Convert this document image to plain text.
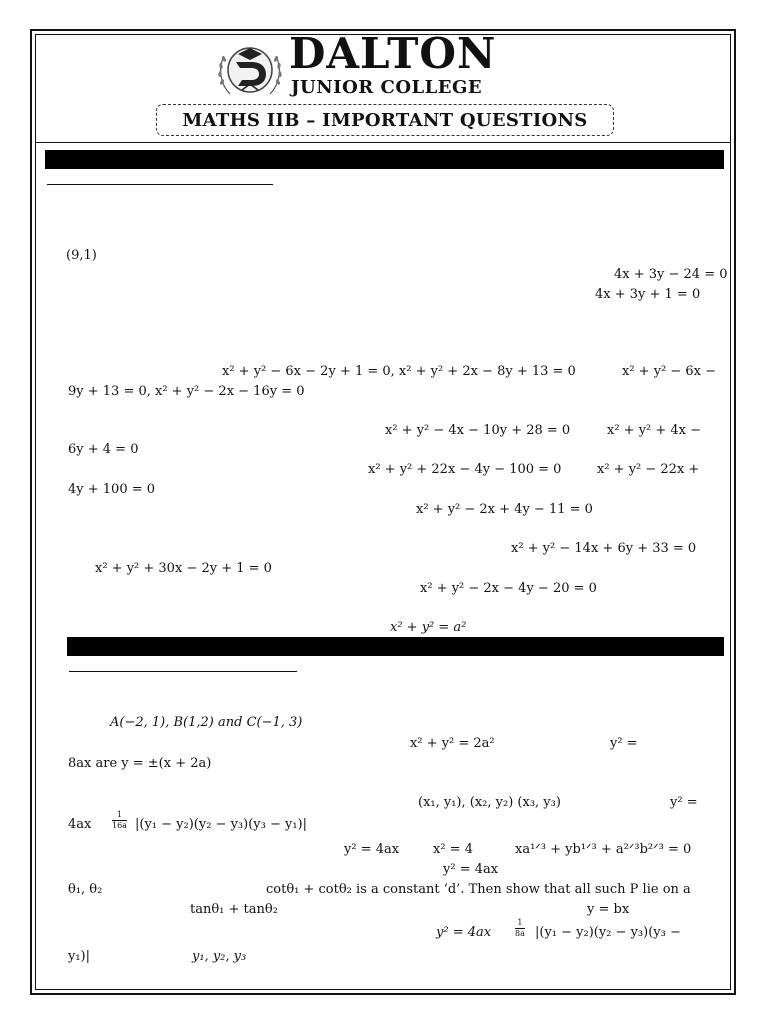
DALTON
JUNIOR COLLEGE
MATHS IIB – IMPORTANT QUESTIONS
(9,1)
4x + 3y − 24 = 0
4x + 3y + 1 = 0
x² + y² − 6x − 2y + 1 = 0, x² + y² + 2x − 8y + 13 = 0	x² + y² − 6x −
9y + 13 = 0, x² + y² − 2x − 16y = 0
x² + y² − 4x − 10y + 28 = 0	x² + y² + 4x −
6y + 4 = 0
x² + y² + 22x − 4y − 100 = 0	x² + y² − 22x +
4y + 100 = 0
x² + y² − 2x + 4y − 11 = 0
x² + y² − 14x + 6y + 33 = 0
x² + y² + 30x − 2y + 1 = 0
x² + y² − 2x − 4y − 20 = 0
x² + y² = a²
A(−2, 1), B(1,2) and C(−1, 3)
x² + y² = 2a²	y² =
8ax are y = ±(x + 2a)
(x₁, y₁), (x₂, y₂) (x₃, y₃)	y² =
4ax	$\frac{1}{16a} |(y_1 - y_2)(y_2 - y_3)(y_3 - y_1)|$
y² = 4ax	x² = 4	xa¹ᐟ³ + yb¹ᐟ³ + a²ᐟ³b²ᐟ³ = 0
y² = 4ax
θ₁, θ₂	cotθ₁ + cotθ₂ is a constant ‘d’. Then show that all such P lie on a
tanθ₁ + tanθ₂	y = bx
y² = 4ax	$\frac{1}{8a} |(y_1 - y_2)(y_2 - y_3)(y_3$ −
y₁)|	y₁, y₂, y₃
